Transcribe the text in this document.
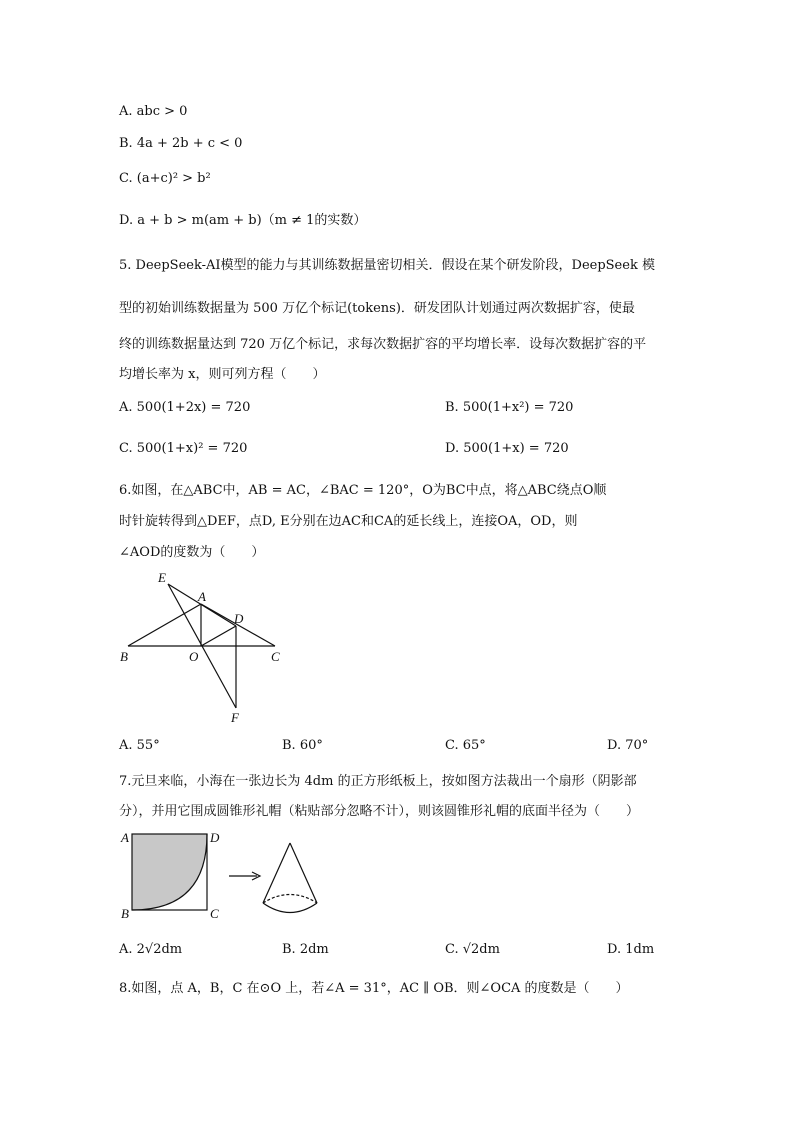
A. abc > 0
B. 4a + 2b + c < 0
C. (a+c)² > b²
D. a + b > m(am + b)（m ≠ 1的实数）
5. DeepSeek-AI模型的能力与其训练数据量密切相关．假设在某个研发阶段，DeepSeek 模
型的初始训练数据量为 500 万亿个标记(tokens)．研发团队计划通过两次数据扩容，使最
终的训练数据量达到 720 万亿个标记，求每次数据扩容的平均增长率．设每次数据扩容的平
均增长率为 x，则可列方程（　　）
A. 500(1+2x) = 720	B. 500(1+x²) = 720
C. 500(1+x)² = 720	D. 500(1+x) = 720
6.如图，在△ABC中，AB = AC，∠BAC = 120°，O为BC中点，将△ABC绕点O顺
时针旋转得到△DEF，点D, E分别在边AC和CA的延长线上，连接OA，OD，则
∠AOD的度数为（　　）
E
A
D
B	O	C
F
A. 55°	B. 60°	C. 65°	D. 70°
7.元旦来临，小海在一张边长为 4dm 的正方形纸板上，按如图方法裁出一个扇形（阴影部
分），并用它围成圆锥形礼帽（粘贴部分忽略不计），则该圆锥形礼帽的底面半径为（　　）
A	D
B	C
A. 2√2dm	B. 2dm	C. √2dm	D. 1dm
8.如图，点 A，B，C 在⊙O 上，若∠A = 31°，AC ∥ OB．则∠OCA 的度数是（　　）
